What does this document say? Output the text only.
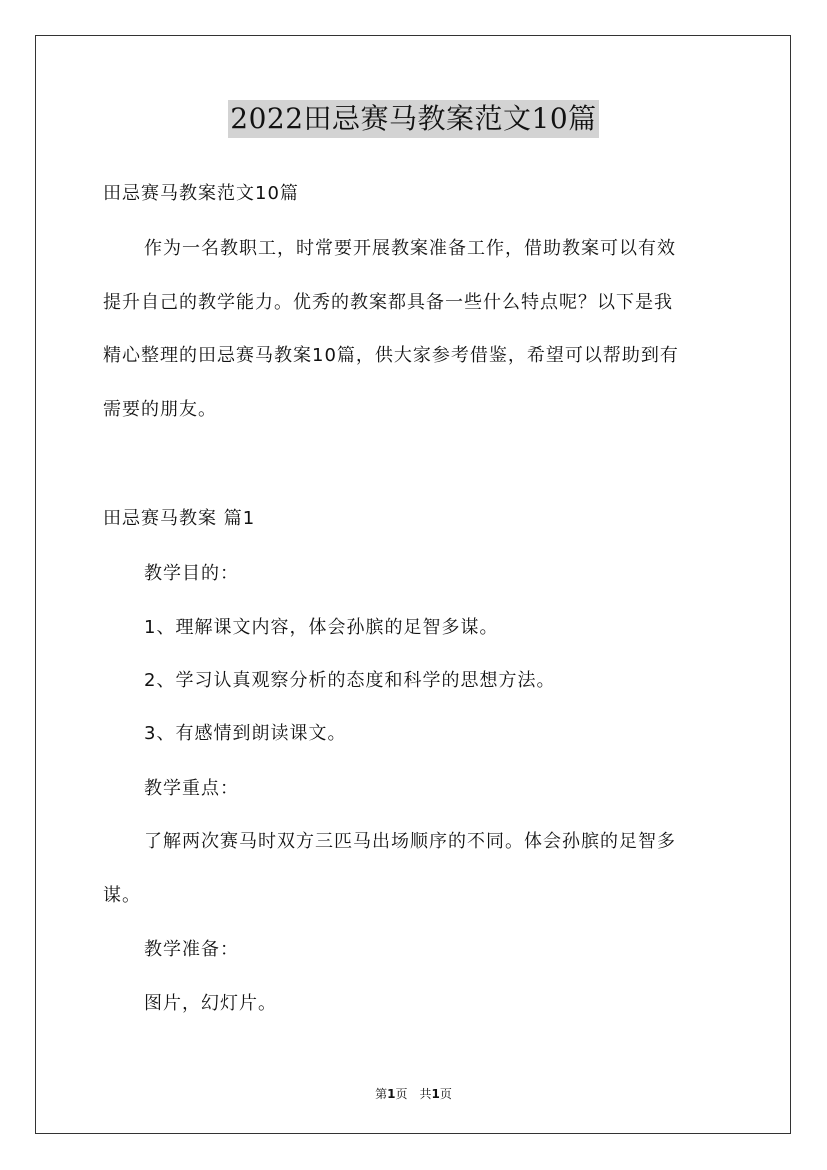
2022田忌赛马教案范文10篇
田忌赛马教案范文10篇
作为一名教职工，时常要开展教案准备工作，借助教案可以有效
提升自己的教学能力。优秀的教案都具备一些什么特点呢？以下是我
精心整理的田忌赛马教案10篇，供大家参考借鉴，希望可以帮助到有
需要的朋友。
田忌赛马教案 篇1
教学目的：
1、理解课文内容，体会孙膑的足智多谋。
2、学习认真观察分析的态度和科学的思想方法。
3、有感情到朗读课文。
教学重点：
了解两次赛马时双方三匹马出场顺序的不同。体会孙膑的足智多
谋。
教学准备：
图片，幻灯片。
第1页　共1页
